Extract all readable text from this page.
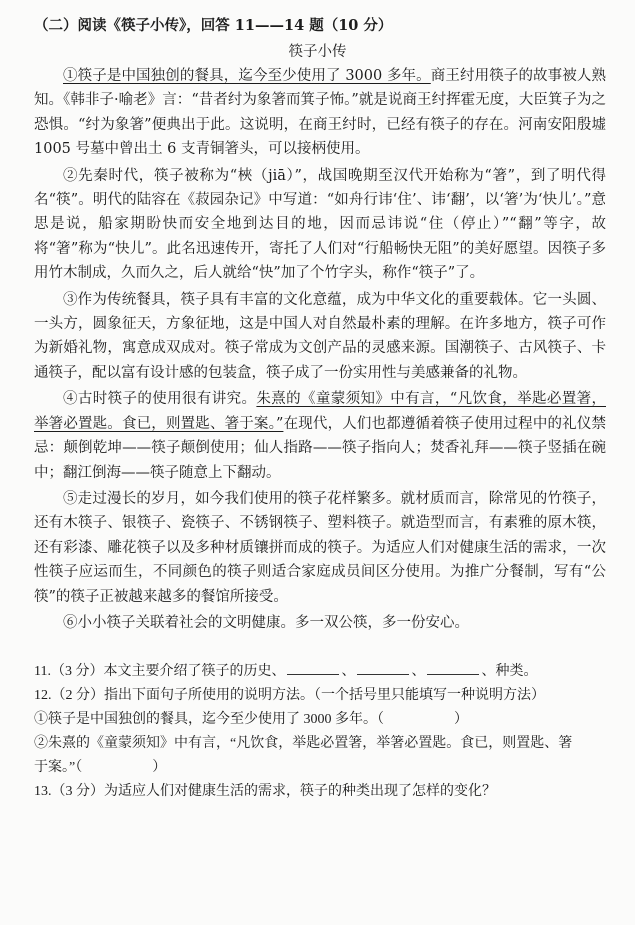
（二）阅读《筷子小传》，回答 11——14 题（10 分）
筷子小传

①筷子是中国独创的餐具，迄今至少使用了 3000 多年。商王纣用筷子的故事被人熟知。《韩非子·喻老》言：“昔者纣为象箸而箕子怖。”就是说商王纣挥霍无度，大臣箕子为之恐惧。“纣为象箸”便典出于此。这说明，在商王纣时，已经有筷子的存在。河南安阳殷墟 1005 号墓中曾出土 6 支青铜箸头，可以接柄使用。

②先秦时代，筷子被称为“梜（jiā）”，战国晚期至汉代开始称为“箸”，到了明代得名“筷”。明代的陆容在《菽园杂记》中写道：“如舟行讳‘住’、讳‘翻’，以‘箸’为‘快儿’。”意思是说，船家期盼快而安全地到达目的地，因而忌讳说“住（停止）”“翻”等字，故将“箸”称为“快儿”。此名迅速传开，寄托了人们对“行船畅快无阻”的美好愿望。因筷子多用竹木制成，久而久之，后人就给“快”加了个竹字头，称作“筷子”了。

③作为传统餐具，筷子具有丰富的文化意蕴，成为中华文化的重要载体。它一头圆、一头方，圆象征天，方象征地，这是中国人对自然最朴素的理解。在许多地方，筷子可作为新婚礼物，寓意成双成对。筷子常成为文创产品的灵感来源。国潮筷子、古风筷子、卡通筷子，配以富有设计感的包装盒，筷子成了一份实用性与美感兼备的礼物。

④古时筷子的使用很有讲究。朱熹的《童蒙须知》中有言，“凡饮食，举匙必置箸，举箸必置匙。食已，则置匙、箸于案。”在现代，人们也都遵循着筷子使用过程中的礼仪禁忌：颠倒乾坤——筷子颠倒使用；仙人指路——筷子指向人；焚香礼拜——筷子竖插在碗中；翻江倒海——筷子随意上下翻动。

⑤走过漫长的岁月，如今我们使用的筷子花样繁多。就材质而言，除常见的竹筷子，还有木筷子、银筷子、瓷筷子、不锈钢筷子、塑料筷子。就造型而言，有素雅的原木筷，还有彩漆、雕花筷子以及多种材质镶拼而成的筷子。为适应人们对健康生活的需求，一次性筷子应运而生，不同颜色的筷子则适合家庭成员间区分使用。为推广分餐制，写有“公筷”的筷子正被越来越多的餐馆所接受。

⑥小小筷子关联着社会的文明健康。多一双公筷，多一份安心。

11.（3 分）本文主要介绍了筷子的历史、	、	、	、种类。

12.（2 分）指出下面句子所使用的说明方法。（一个括号里只能填写一种说明方法）

①筷子是中国独创的餐具，迄今至少使用了 3000 多年。（　　　　　）

②朱熹的《童蒙须知》中有言，“凡饮食，举匙必置箸，举箸必置匙。食已，则置匙、箸

于案。”（　　　　　）

13.（3 分）为适应人们对健康生活的需求，筷子的种类出现了怎样的变化？
